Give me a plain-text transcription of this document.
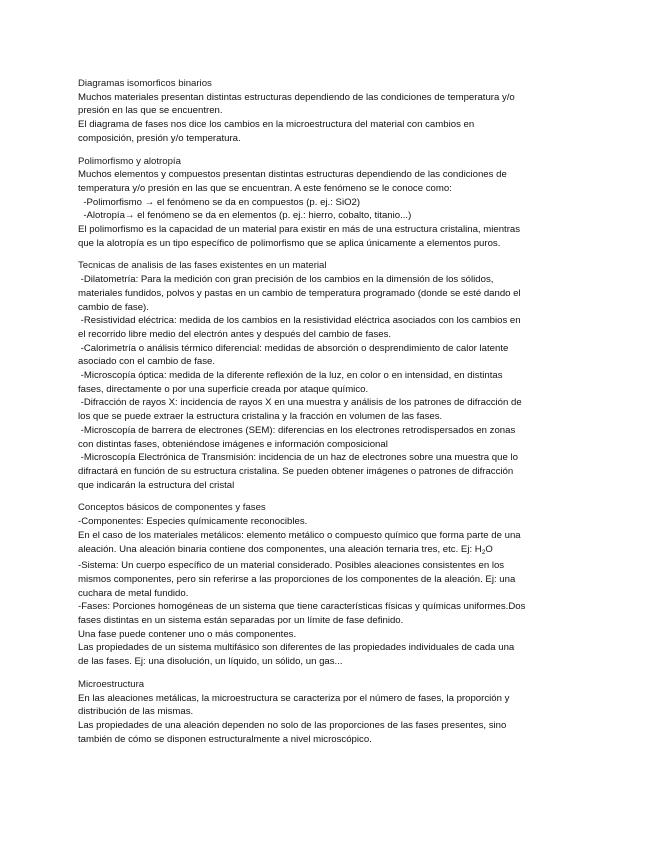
Diagramas isomorficos binarios
Muchos materiales presentan distintas estructuras dependiendo de las condiciones de temperatura y/o
presión en las que se encuentren.
El diagrama de fases nos dice los cambios en la microestructura del material con cambios en
composición, presión y/o temperatura.
Polimorfismo y alotropía
Muchos elementos y compuestos presentan distintas estructuras dependiendo de las condiciones de
temperatura y/o presión en las que se encuentran. A este fenómeno se le conoce como:
-Polimorfismo → el fenómeno se da en compuestos (p. ej.: SiO2)
-Alotropía→ el fenómeno se da en elementos (p. ej.: hierro, cobalto, titanio...)
El polimorfismo es la capacidad de un material para existir en más de una estructura cristalina, mientras
que la alotropía es un tipo específico de polimorfismo que se aplica únicamente a elementos puros.
Tecnicas de analisis de las fases existentes en un material
-Dilatometría: Para la medición con gran precisión de los cambios en la dimensión de los sólidos,
materiales fundidos, polvos y pastas en un cambio de temperatura programado (donde se esté dando el
cambio de fase).
-Resistividad eléctrica: medida de los cambios en la resistividad eléctrica asociados con los cambios en
el recorrido libre medio del electrón antes y después del cambio de fases.
-Calorimetría o análisis térmico diferencial: medidas de absorción o desprendimiento de calor latente
asociado con el cambio de fase.
-Microscopía óptica: medida de la diferente reflexión de la luz, en color o en intensidad, en distintas
fases, directamente o por una superficie creada por ataque químico.
-Difracción de rayos X: incidencia de rayos X en una muestra y análisis de los patrones de difracción de
los que se puede extraer la estructura cristalina y la fracción en volumen de las fases.
-Microscopía de barrera de electrones (SEM): diferencias en los electrones retrodispersados en zonas
con distintas fases, obteniéndose imágenes e información composicional
-Microscopía Electrónica de Transmisión: incidencia de un haz de electrones sobre una muestra que lo
difractará en función de su estructura cristalina. Se pueden obtener imágenes o patrones de difracción
que indicarán la estructura del cristal
Conceptos básicos de componentes y fases
-Componentes: Especies químicamente reconocibles.
En el caso de los materiales metálicos: elemento metálico o compuesto químico que forma parte de una
aleación. Una aleación binaria contiene dos componentes, una aleación ternaria tres, etc. Ej: $H_2O$
-Sistema: Un cuerpo específico de un material considerado. Posibles aleaciones consistentes en los
mismos componentes, pero sin referirse a las proporciones de los componentes de la aleación. Ej: una
cuchara de metal fundido.
-Fases: Porciones homogéneas de un sistema que tiene características físicas y químicas uniformes.Dos
fases distintas en un sistema están separadas por un límite de fase definido.
Una fase puede contener uno o más componentes.
Las propiedades de un sistema multifásico son diferentes de las propiedades individuales de cada una
de las fases. Ej: una disolución, un líquido, un sólido, un gas...
Microestructura
En las aleaciones metálicas, la microestructura se caracteriza por el número de fases, la proporción y
distribución de las mismas.
Las propiedades de una aleación dependen no solo de las proporciones de las fases presentes, sino
también de cómo se disponen estructuralmente a nivel microscópico.
